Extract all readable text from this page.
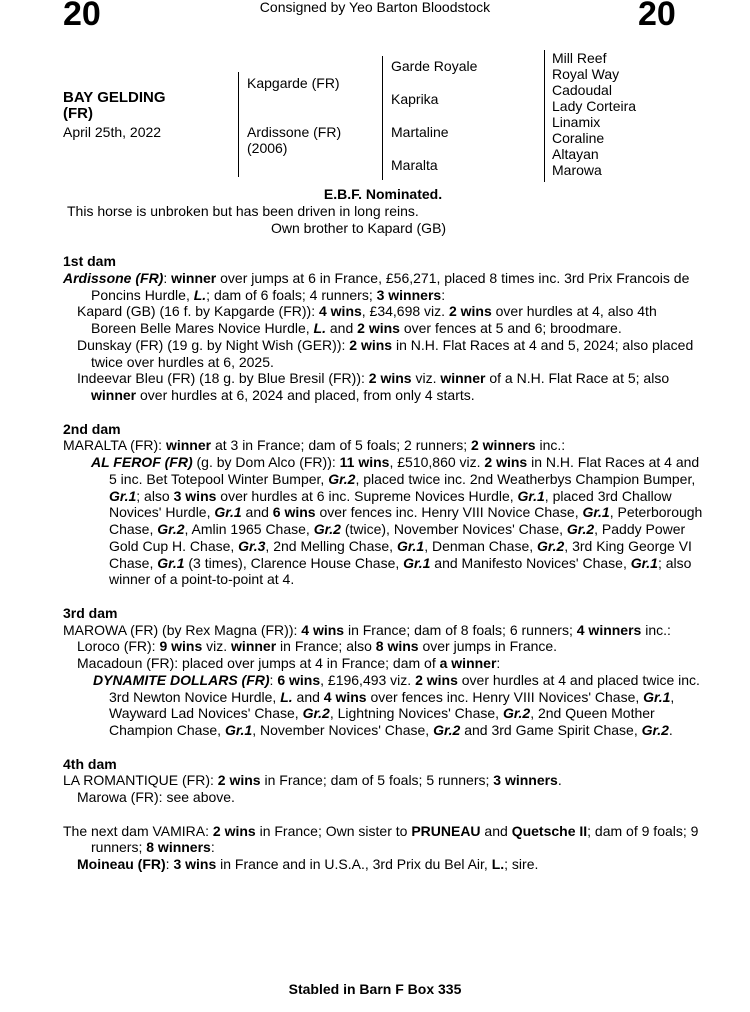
20	20
Consigned by Yeo Barton Bloodstock
BAY GELDING
(FR)
April 25th, 2022
Kapgarde (FR)
Ardissone (FR)
(2006)
Garde Royale
Kaprika
Martaline
Maralta
Mill Reef
Royal Way
Cadoudal
Lady Corteira
Linamix
Coraline
Altayan
Marowa

E.B.F. Nominated.

This horse is unbroken but has been driven in long reins.

Own brother to Kapard (GB)

1st dam

Ardissone (FR): winner over jumps at 6 in France, £56,271, placed 8 times inc. 3rd Prix Francois de Poncins Hurdle, L.; dam of 6 foals; 4 runners; 3 winners:

Kapard (GB) (16 f. by Kapgarde (FR)): 4 wins, £34,698 viz. 2 wins over hurdles at 4, also 4th Boreen Belle Mares Novice Hurdle, L. and 2 wins over fences at 5 and 6; broodmare.

Dunskay (FR) (19 g. by Night Wish (GER)): 2 wins in N.H. Flat Races at 4 and 5, 2024; also placed twice over hurdles at 6, 2025.

Indeevar Bleu (FR) (18 g. by Blue Bresil (FR)): 2 wins viz. winner of a N.H. Flat Race at 5; also winner over hurdles at 6, 2024 and placed, from only 4 starts.

2nd dam

MARALTA (FR): winner at 3 in France; dam of 5 foals; 2 runners; 2 winners inc.:

AL FEROF (FR) (g. by Dom Alco (FR)): 11 wins, £510,860 viz. 2 wins in N.H. Flat Races at 4 and 5 inc. Bet Totepool Winter Bumper, Gr.2, placed twice inc. 2nd Weatherbys Champion Bumper, Gr.1; also 3 wins over hurdles at 6 inc. Supreme Novices Hurdle, Gr.1, placed 3rd Challow Novices' Hurdle, Gr.1 and 6 wins over fences inc. Henry VIII Novice Chase, Gr.1, Peterborough Chase, Gr.2, Amlin 1965 Chase, Gr.2 (twice), November Novices' Chase, Gr.2, Paddy Power Gold Cup H. Chase, Gr.3, 2nd Melling Chase, Gr.1, Denman Chase, Gr.2, 3rd King George VI Chase, Gr.1 (3 times), Clarence House Chase, Gr.1 and Manifesto Novices' Chase, Gr.1; also winner of a point-to-point at 4.

3rd dam

MAROWA (FR) (by Rex Magna (FR)): 4 wins in France; dam of 8 foals; 6 runners; 4 winners inc.:

Loroco (FR): 9 wins viz. winner in France; also 8 wins over jumps in France.

Macadoun (FR): placed over jumps at 4 in France; dam of a winner:

DYNAMITE DOLLARS (FR): 6 wins, £196,493 viz. 2 wins over hurdles at 4 and placed twice inc. 3rd Newton Novice Hurdle, L. and 4 wins over fences inc. Henry VIII Novices' Chase, Gr.1, Wayward Lad Novices' Chase, Gr.2, Lightning Novices' Chase, Gr.2, 2nd Queen Mother Champion Chase, Gr.1, November Novices' Chase, Gr.2 and 3rd Game Spirit Chase, Gr.2.

4th dam

LA ROMANTIQUE (FR): 2 wins in France; dam of 5 foals; 5 runners; 3 winners.

Marowa (FR): see above.

The next dam VAMIRA: 2 wins in France; Own sister to PRUNEAU and Quetsche II; dam of 9 foals; 9 runners; 8 winners:

Moineau (FR): 3 wins in France and in U.S.A., 3rd Prix du Bel Air, L.; sire.

Stabled in Barn F Box 335
